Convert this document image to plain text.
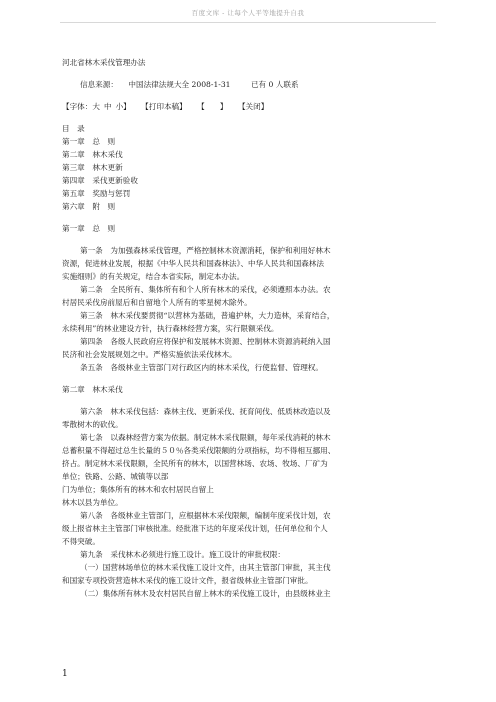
百度文库 - 让每个人平等地提升自我
河北省林木采伐管理办法
信息来源： 中国法律法规大全 2008-1-31	已有 0 人联系
【字体：大 中 小】 【打印本稿】 【　　】 【关闭】
目　录
第一章　总　则
第二章　林木采伐
第三章　林木更新
第四章　采伐更新验收
第五章　奖励与惩罚
第六章　附　则
第一章　总　则
第一条　为加强森林采伐管理，严格控制林木资源消耗，保护和利用好林木
资源，促进林业发展，根据《中华人民共和国森林法》、中华人民共和国森林法
实施细则》的有关规定，结合本省实际，制定本办法。
第二条　全民所有、集体所有和个人所有林木的采伐，必须遵照本办法。农
村居民采伐房前屋后和自留地个人所有的零星树木除外。
第三条　林木采伐要贯彻“以营林为基础，普遍护林，大力造林，采育结合，
永续利用”的林业建设方针，执行森林经营方案，实行限额采伐。
第四条　各级人民政府应将保护和发展林木资源、控制林木资源消耗纳入国
民济和社会发展规划之中。严格实施依法采伐林木。
条五条　各级林业主管部门对行政区内的林木采伐，行使监督、管理权。
第二章　林木采伐
第六条　林木采伐包括：森林主伐、更新采伐、抚育间伐、低质林改造以及
零散树木的砍伐。
第七条　以森林经营方案为依据。制定林木采伐限额，每年采伐消耗的林木
总蓄积量不得超过总生长量的５０％各类采伐限额的分项指标，均不得相互挪用、
挤占。制定林木采伐限额，全民所有的林木，以国营林场、农场、牧场、厂矿为
单位；铁路、公路、城镇等以部
门为单位；集体所有的林木和农村居民自留上
林木以县为单位。
第八条　各级林业主管部门，应根据林木采伐限额，编制年度采伐计划，农
级上报省林主主管部门审核批准。经批准下达的年度采伐计划，任何单位和个人
不得突破。
第九条　采伐林木必须进行施工设计。施工设计的审批权限：
（一）国营林场单位的林木采伐施工设计文件，由其主管部门审批，其主伐
和国家专项投资营造林木采伐的施工设计文件，报省级林业主管部门审批。
（二）集体所有林木及农村居民自留上林木的采伐施工设计，由县级林业主
1
